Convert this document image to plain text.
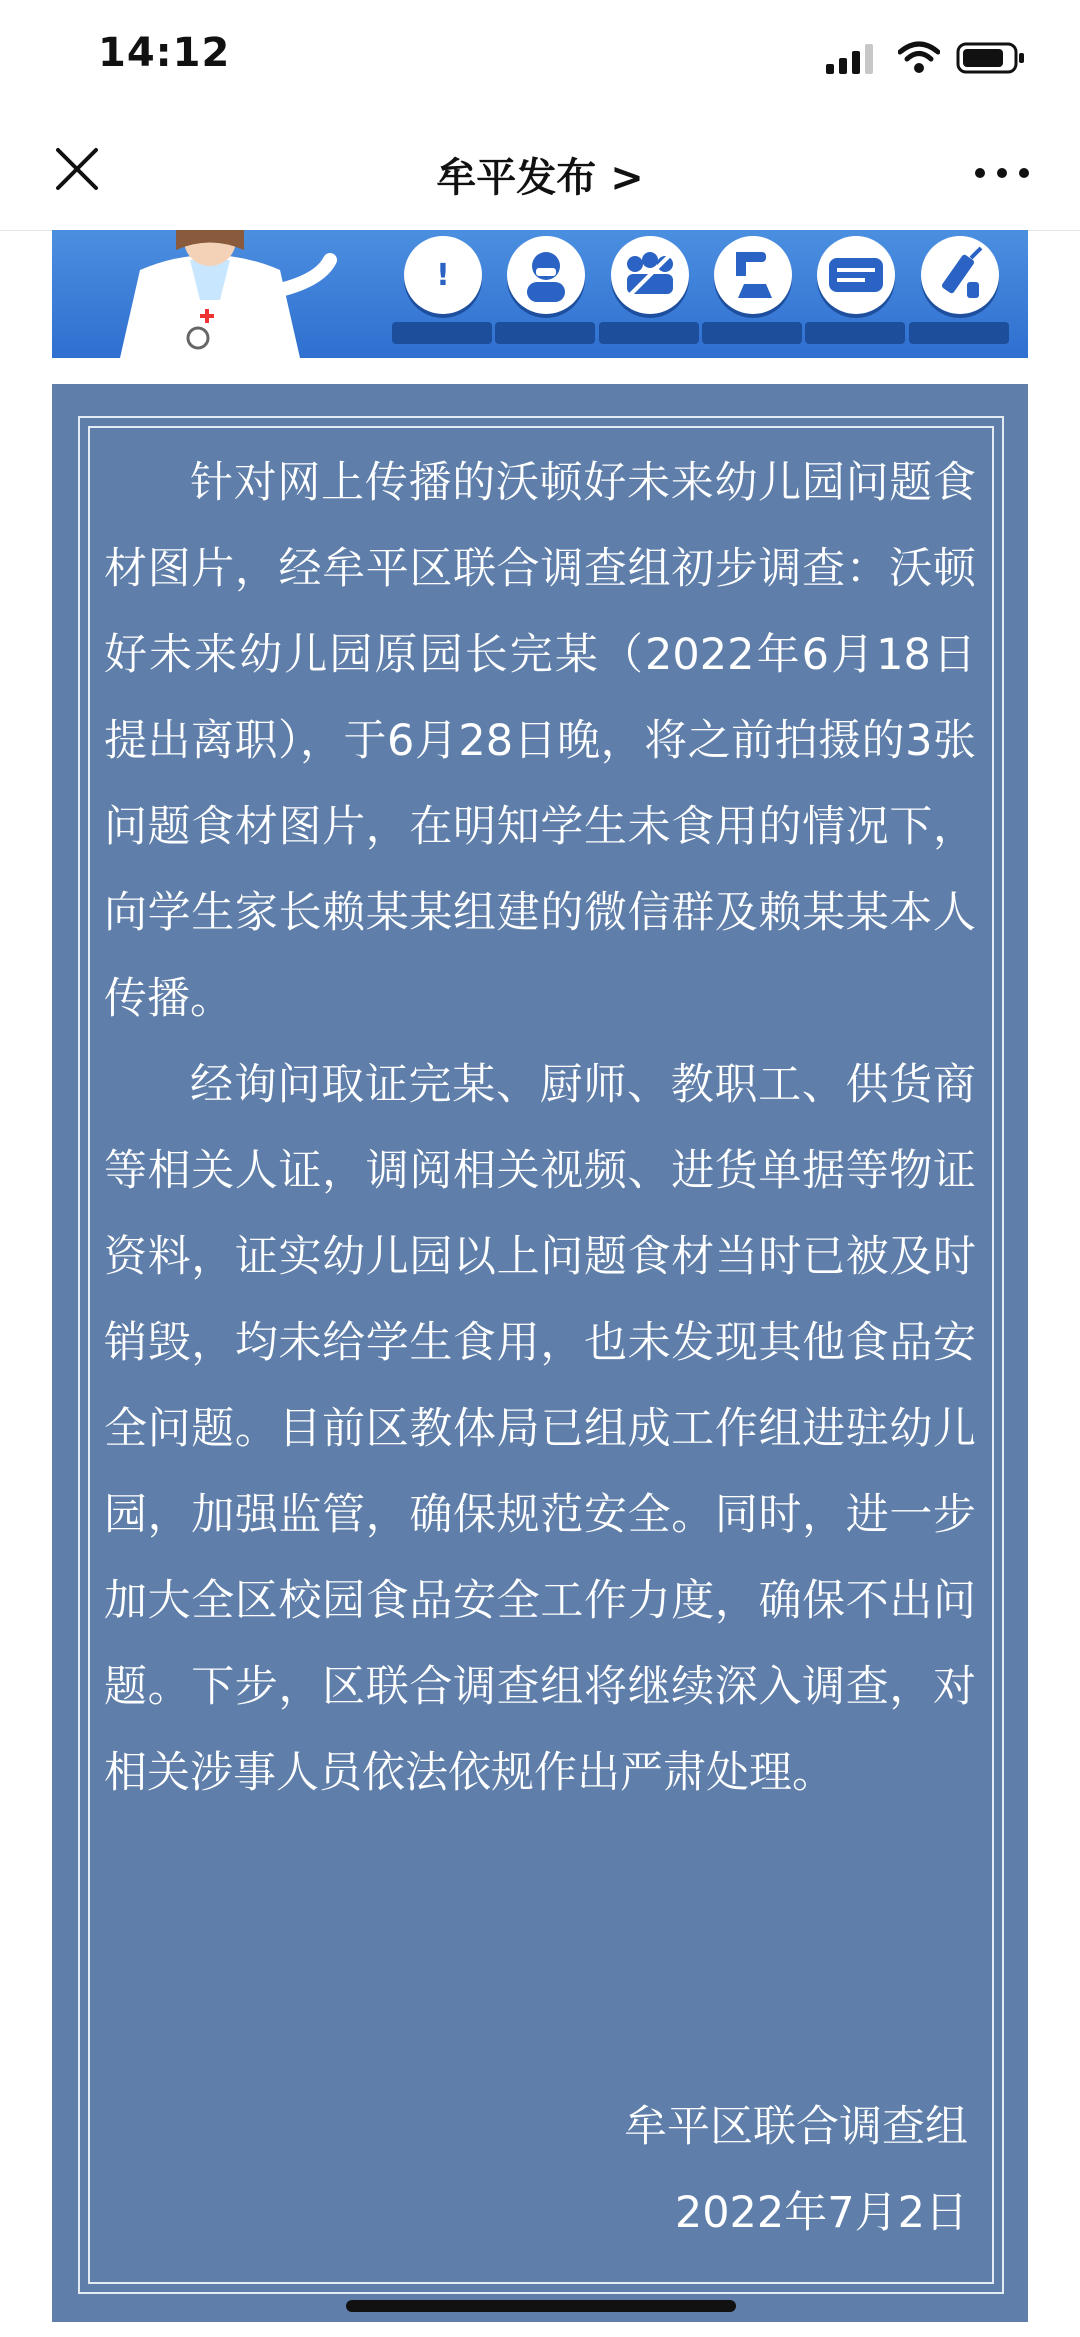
14:12
牟平发布 >
!

针对网上传播的沃顿好未来幼儿园问题食材图片，经牟平区联合调查组初步调查：沃顿好未来幼儿园原园长完某（2022年6月18日提出离职），于6月28日晚，将之前拍摄的3张问题食材图片，在明知学生未食用的情况下，向学生家长赖某某组建的微信群及赖某某本人传播。

经询问取证完某、厨师、教职工、供货商等相关人证，调阅相关视频、进货单据等物证资料，证实幼儿园以上问题食材当时已被及时销毁，均未给学生食用，也未发现其他食品安全问题。目前区教体局已组成工作组进驻幼儿园，加强监管，确保规范安全。同时，进一步加大全区校园食品安全工作力度，确保不出问题。下步，区联合调查组将继续深入调查，对相关涉事人员依法依规作出严肃处理。

牟平区联合调查组
2022年7月2日
